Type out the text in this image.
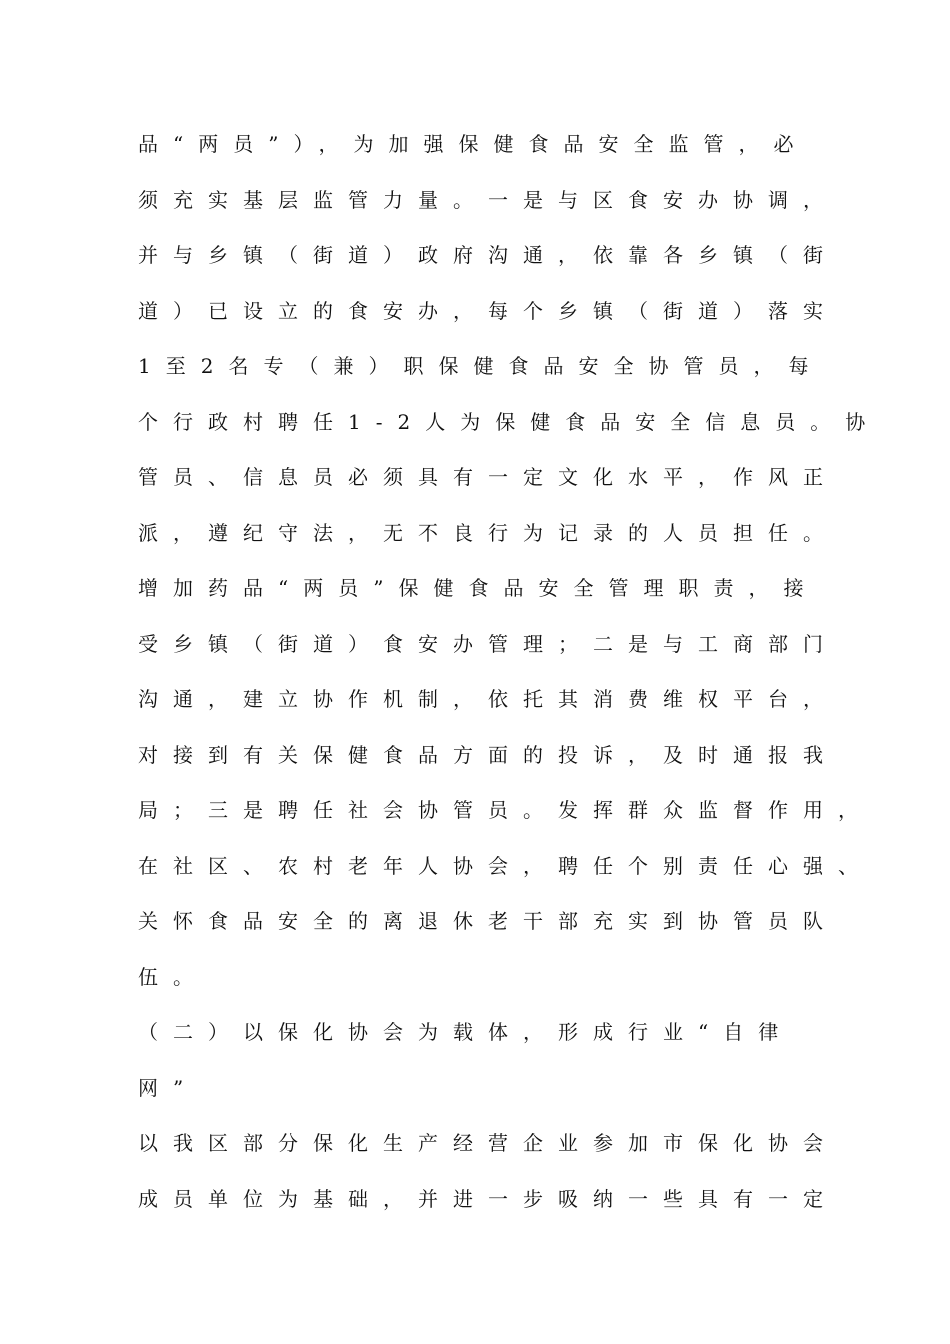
品“两员”），为加强保健食品安全监管，必
须充实基层监管力量。一是与区食安办协调，
并与乡镇（街道）政府沟通，依靠各乡镇（街
道）已设立的食安办，每个乡镇（街道）落实
1至2名专（兼）职保健食品安全协管员，每
个行政村聘任1-2人为保健食品安全信息员。协
管员、信息员必须具有一定文化水平，作风正
派，遵纪守法，无不良行为记录的人员担任。
增加药品“两员”保健食品安全管理职责，接
受乡镇（街道）食安办管理；二是与工商部门
沟通，建立协作机制，依托其消费维权平台，
对接到有关保健食品方面的投诉，及时通报我
局；三是聘任社会协管员。发挥群众监督作用，
在社区、农村老年人协会，聘任个别责任心强、
关怀食品安全的离退休老干部充实到协管员队
伍。
（二）以保化协会为载体，形成行业“自律
网”
以我区部分保化生产经营企业参加市保化协会
成员单位为基础，并进一步吸纳一些具有一定
